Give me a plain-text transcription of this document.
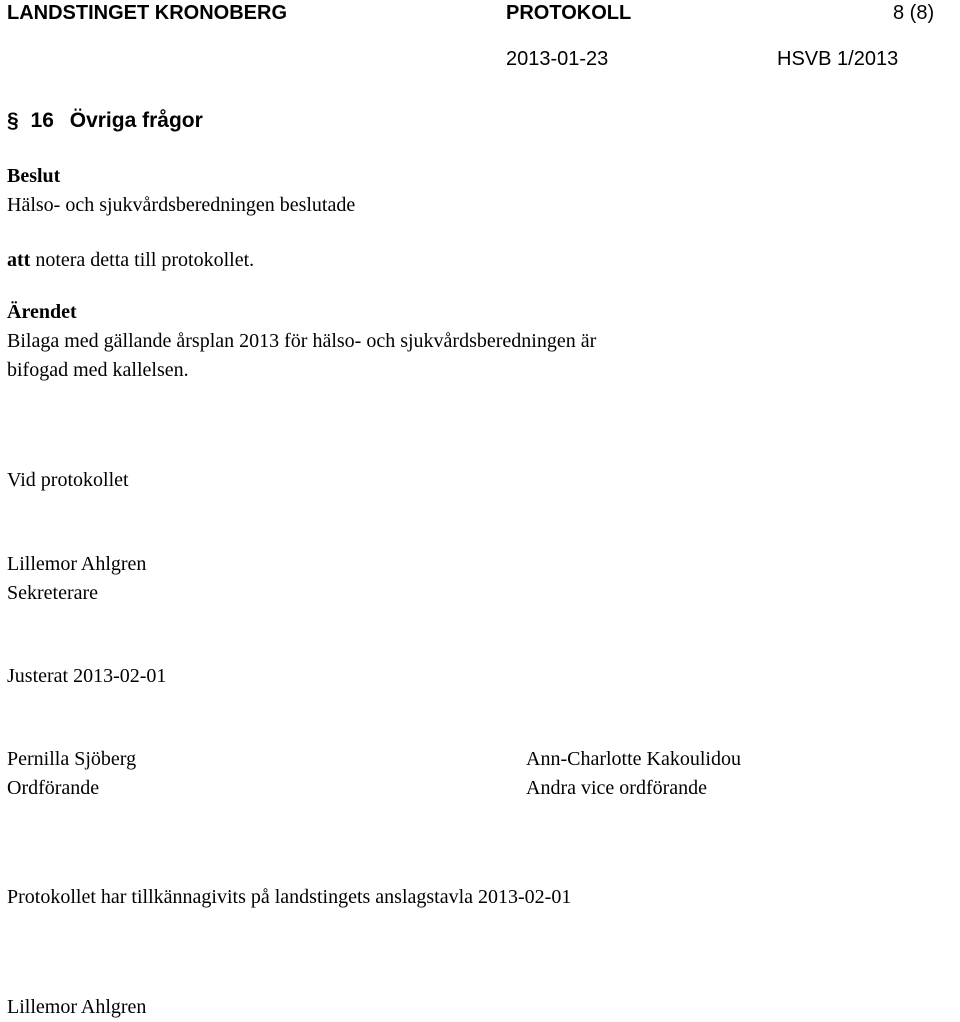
LANDSTINGET KRONOBERG	PROTOKOLL	8 (8)
2013-01-23	HSVB 1/2013
§ 16 Övriga frågor
Beslut
Hälso- och sjukvårdsberedningen beslutade
att notera detta till protokollet.
Ärendet
Bilaga med gällande årsplan 2013 för hälso- och sjukvårdsberedningen är
bifogad med kallelsen.
Vid protokollet
Lillemor Ahlgren
Sekreterare
Justerat 2013-02-01
Pernilla Sjöberg
Ordförande
Ann-Charlotte Kakoulidou
Andra vice ordförande
Protokollet har tillkännagivits på landstingets anslagstavla 2013-02-01
Lillemor Ahlgren
